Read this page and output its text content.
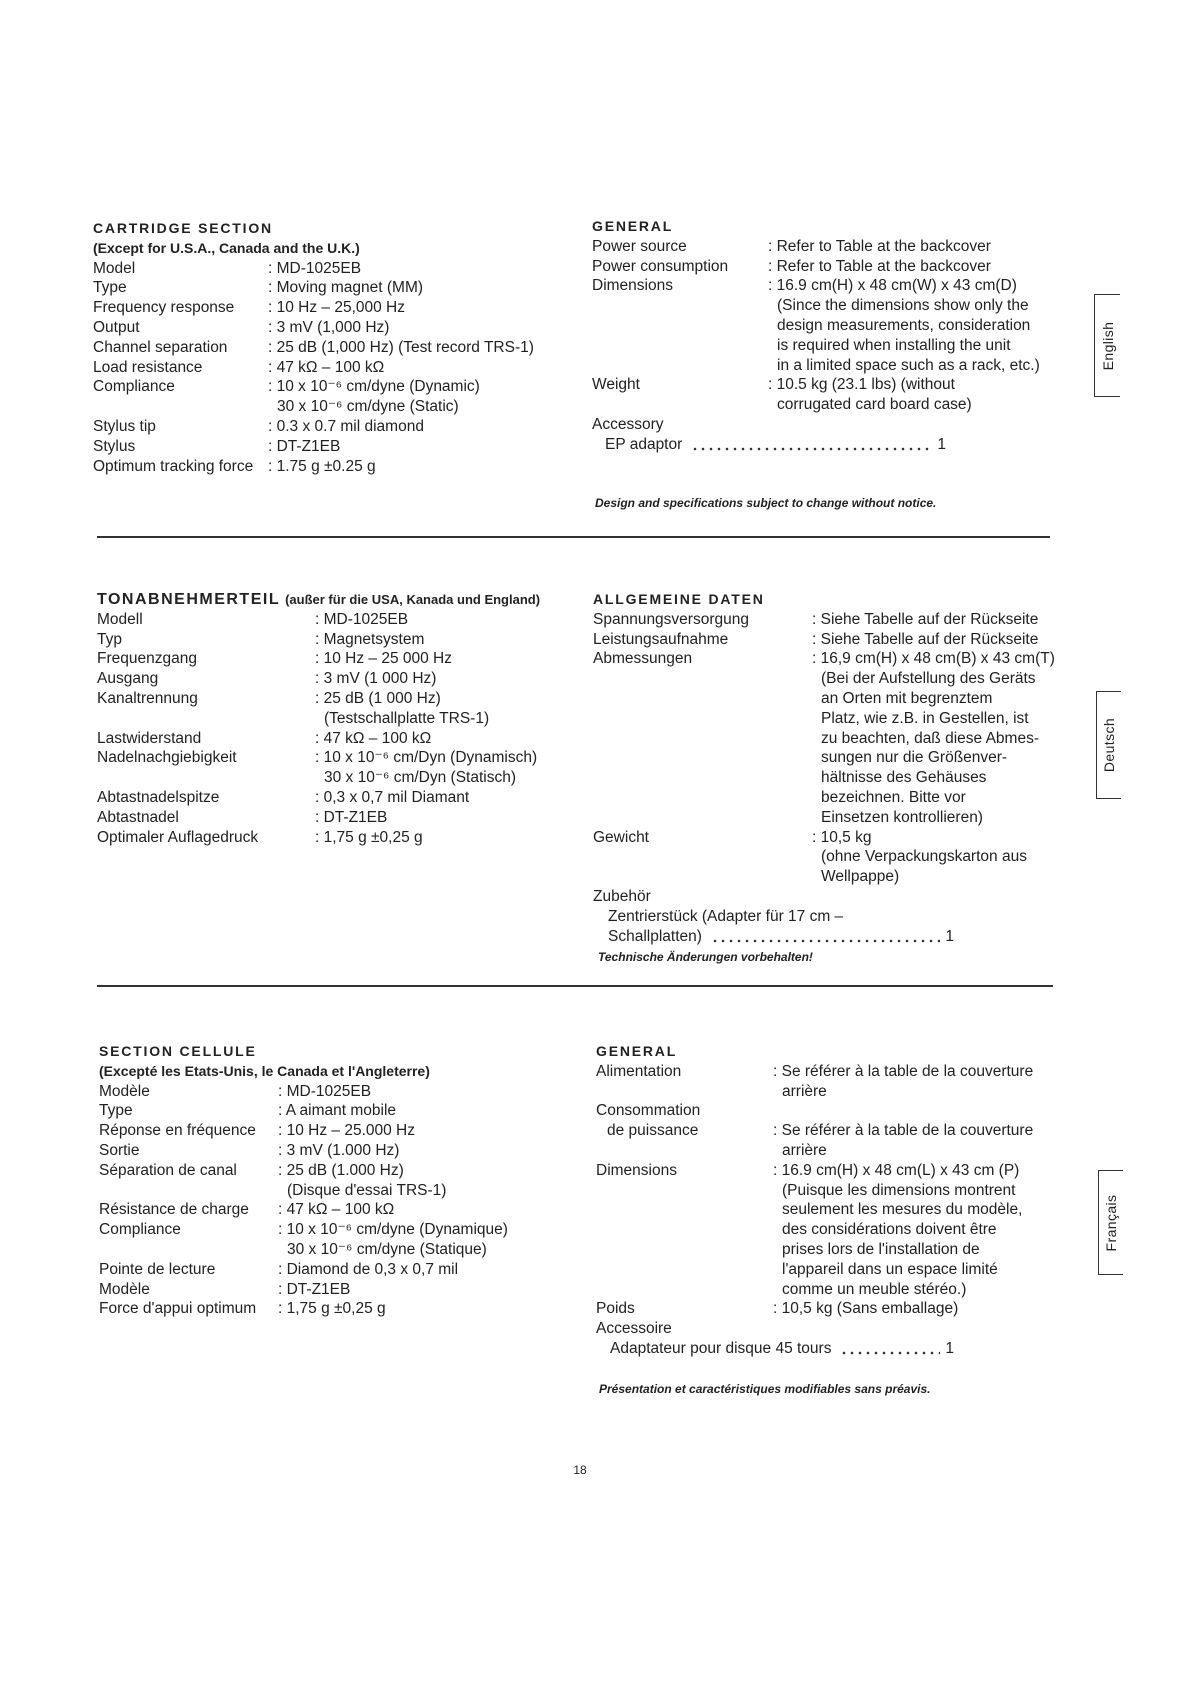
CARTRIDGE SECTION
(Except for U.S.A., Canada and the U.K.)
Model	: MD-1025EB
Type	: Moving magnet (MM)
Frequency response	: 10 Hz – 25,000 Hz
Output	: 3 mV (1,000 Hz)
Channel separation	: 25 dB (1,000 Hz) (Test record TRS-1)
Load resistance	: 47 kΩ – 100 kΩ
Compliance	: 10 x 10⁻⁶ cm/dyne (Dynamic)
30 x 10⁻⁶ cm/dyne (Static)
Stylus tip	: 0.3 x 0.7 mil diamond
Stylus	: DT-Z1EB
Optimum tracking force : 1.75 g ±0.25 g
GENERAL
Power source	: Refer to Table at the backcover
Power consumption	: Refer to Table at the backcover
Dimensions	: 16.9 cm(H) x 48 cm(W) x 43 cm(D)
(Since the dimensions show only the
design measurements, consideration
is required when installing the unit
in a limited space such as a rack, etc.)
Weight	: 10.5 kg (23.1 lbs) (without
corrugated card board case)
Accessory
EP adaptor	1
Design and specifications subject to change without notice.
English
TONABNEHMERTEIL (außer für die USA, Kanada und England)
Modell	: MD-1025EB
Typ	: Magnetsystem
Frequenzgang	: 10 Hz – 25 000 Hz
Ausgang	: 3 mV (1 000 Hz)
Kanaltrennung	: 25 dB (1 000 Hz)
(Testschallplatte TRS-1)
Lastwiderstand	: 47 kΩ – 100 kΩ
Nadelnachgiebigkeit	: 10 x 10⁻⁶ cm/Dyn (Dynamisch)
30 x 10⁻⁶ cm/Dyn (Statisch)
Abtastnadelspitze	: 0,3 x 0,7 mil Diamant
Abtastnadel	: DT-Z1EB
Optimaler Auflagedruck	: 1,75 g ±0,25 g
ALLGEMEINE DATEN
Spannungsversorgung	: Siehe Tabelle auf der Rückseite
Leistungsaufnahme	: Siehe Tabelle auf der Rückseite
Abmessungen	: 16,9 cm(H) x 48 cm(B) x 43 cm(T)
(Bei der Aufstellung des Geräts
an Orten mit begrenztem
Platz, wie z.B. in Gestellen, ist
zu beachten, daß diese Abmes-
sungen nur die Größenver-
hältnisse des Gehäuses
bezeichnen. Bitte vor
Einsetzen kontrollieren)
Gewicht	: 10,5 kg
(ohne Verpackungskarton aus
Wellpappe)
Zubehör
Zentrierstück (Adapter für 17 cm –
Schallplatten)	1
Technische Änderungen vorbehalten!
Deutsch
SECTION CELLULE
(Excepté les Etats-Unis, le Canada et l'Angleterre)
Modèle	: MD-1025EB
Type	: A aimant mobile
Réponse en fréquence	: 10 Hz – 25.000 Hz
Sortie	: 3 mV (1.000 Hz)
Séparation de canal	: 25 dB (1.000 Hz)
(Disque d'essai TRS-1)
Résistance de charge	: 47 kΩ – 100 kΩ
Compliance	: 10 x 10⁻⁶ cm/dyne (Dynamique)
30 x 10⁻⁶ cm/dyne (Statique)
Pointe de lecture	: Diamond de 0,3 x 0,7 mil
Modèle	: DT-Z1EB
Force d'appui optimum	: 1,75 g ±0,25 g
GENERAL
Alimentation	: Se référer à la table de la couverture
arrière
Consommation
de puissance	: Se référer à la table de la couverture
arrière
Dimensions	: 16.9 cm(H) x 48 cm(L) x 43 cm (P)
(Puisque les dimensions montrent
seulement les mesures du modèle,
des considérations doivent être
prises lors de l'installation de
l'appareil dans un espace limité
comme un meuble stéréo.)
Poids	: 10,5 kg (Sans emballage)
Accessoire
Adaptateur pour disque 45 tours	1
Présentation et caractéristiques modifiables sans préavis.
Français
18
